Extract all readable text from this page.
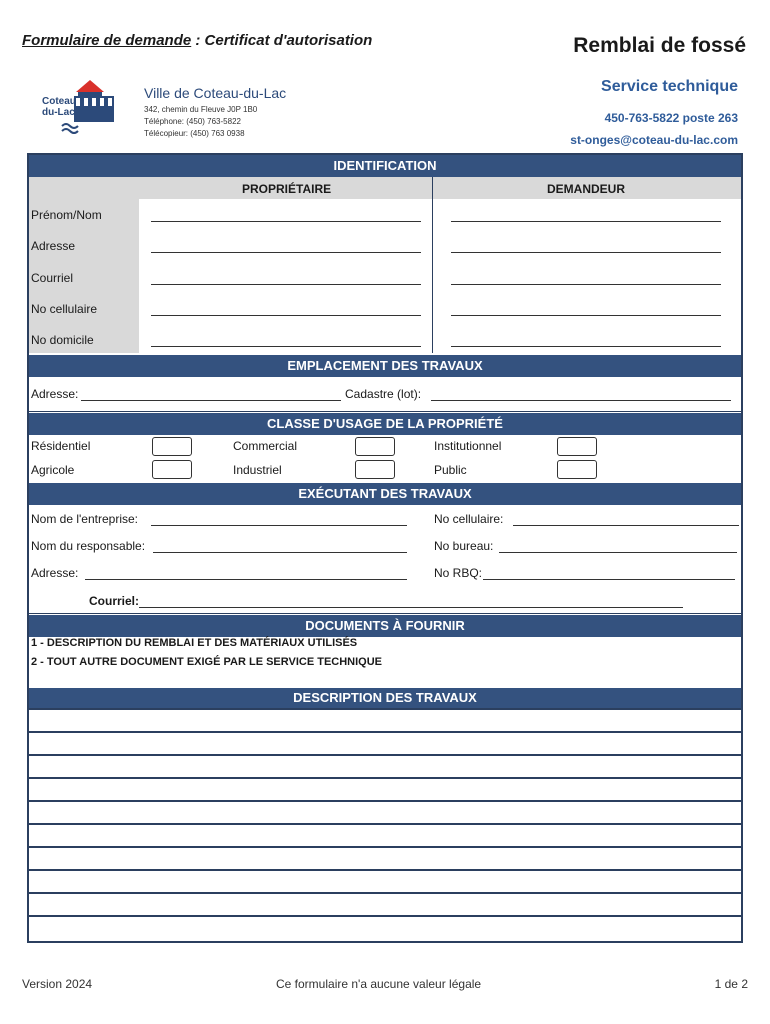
Formulaire de demande : Certificat d'autorisation	Remblai de fossé
Coteau
du-Lac
Ville de Coteau-du-Lac
342, chemin du Fleuve J0P 1B0
Téléphone: (450) 763-5822
Télécopieur: (450) 763 0938
Service technique
450-763-5822 poste 263
st-onges@coteau-du-lac.com
IDENTIFICATION
PROPRIÉTAIRE	DEMANDEUR
Prénom/Nom
Adresse
Courriel
No cellulaire
No domicile
EMPLACEMENT DES TRAVAUX
Adresse:	Cadastre (lot):
CLASSE D'USAGE DE LA PROPRIÉTÉ
Résidentiel	Commercial	Institutionnel
Agricole	Industriel	Public
EXÉCUTANT DES TRAVAUX
Nom de l'entreprise:	No cellulaire:
Nom du responsable:	No bureau:
Adresse:	No RBQ:
Courriel:
DOCUMENTS À FOURNIR
1 - DESCRIPTION DU REMBLAI ET DES MATÉRIAUX UTILISÉS
2 - TOUT AUTRE DOCUMENT EXIGÉ PAR LE SERVICE TECHNIQUE
DESCRIPTION DES TRAVAUX
Version 2024	Ce formulaire n'a aucune valeur légale	1 de 2
